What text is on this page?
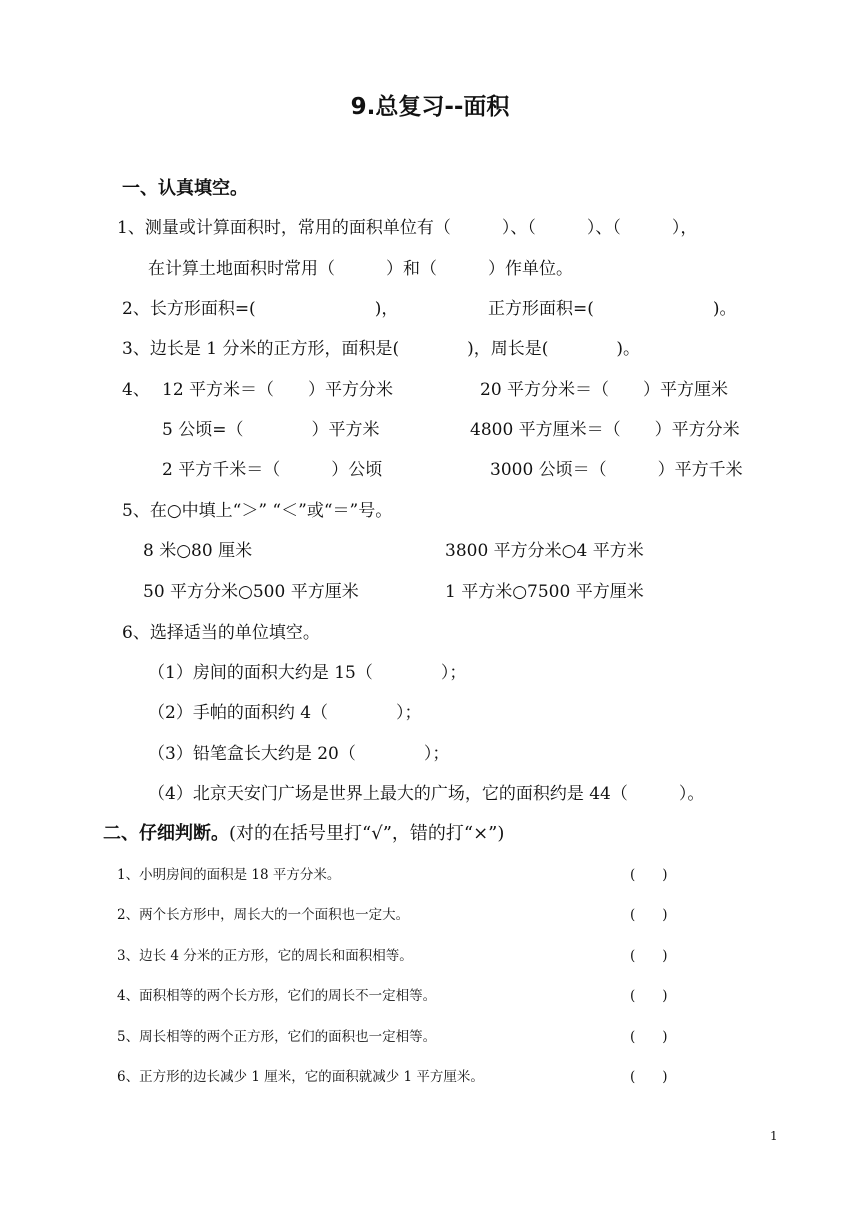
9.总复习--面积
一、认真填空。
1、测量或计算面积时，常用的面积单位有（　　　）、（　　　）、（　　　），
在计算土地面积时常用（　　　）和（　　　）作单位。
2、长方形面积=(　　　　　　　)，	正方形面积=(　　　　　　　)。
3、边长是 1 分米的正方形，面积是(　　　　)，周长是(　　　　)。
4、 12 平方米＝（　　）平方分米	20 平方分米＝（　　）平方厘米
5 公顷=（　　　　）平方米	4800 平方厘米＝（　　）平方分米
2 平方千米＝（　　　）公顷	3000 公顷＝（　　　）平方千米
5、在○中填上“＞” “＜”或“＝”号。
8 米○80 厘米	3800 平方分米○4 平方米
50 平方分米○500 平方厘米	1 平方米○7500 平方厘米
6、选择适当的单位填空。
（1）房间的面积大约是 15（　　　　）；
（2）手帕的面积约 4（　　　　）；
（3）铅笔盒长大约是 20（　　　　）；
（4）北京天安门广场是世界上最大的广场，它的面积约是 44（　　　）。
二、仔细判断。(对的在括号里打“√”，错的打“×”)
1、小明房间的面积是 18 平方分米。	(　　)
2、两个长方形中，周长大的一个面积也一定大。	(　　)
3、边长 4 分米的正方形，它的周长和面积相等。	(　　)
4、面积相等的两个长方形，它们的周长不一定相等。	(　　)
5、周长相等的两个正方形，它们的面积也一定相等。	(　　)
6、正方形的边长减少 1 厘米，它的面积就减少 1 平方厘米。	(　　)
1
